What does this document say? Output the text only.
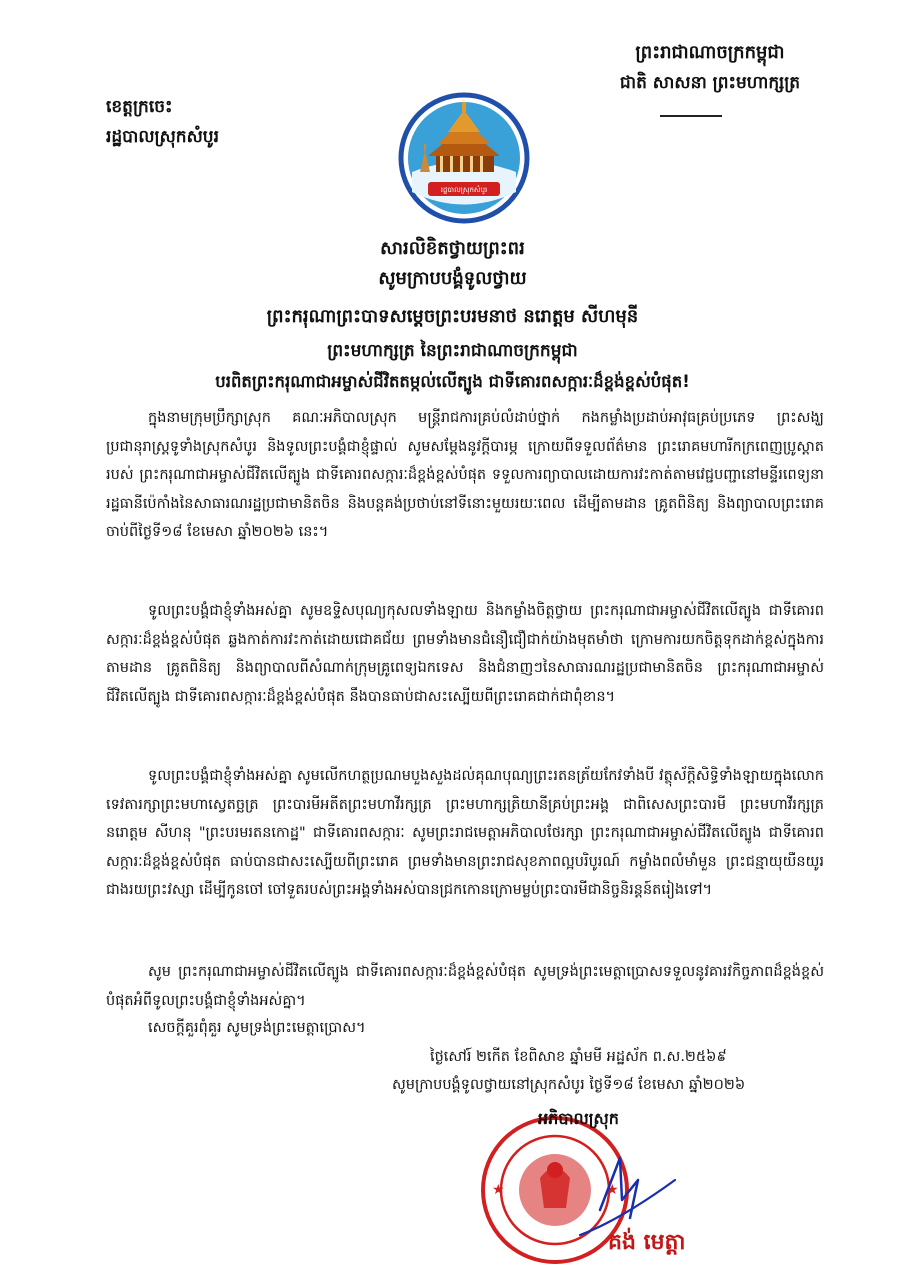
ព្រះរាជាណាចក្រកម្ពុជា
ជាតិ សាសនា ព្រះមហាក្សត្រ
ខេត្តក្រចេះ
រដ្ឋបាលស្រុកសំបូរ
រដ្ឋបាលស្រុកសំបូរ
សារលិខិតថ្វាយព្រះពរ
សូមក្រាបបង្គំទូលថ្វាយ
ព្រះករុណាព្រះបាទសម្តេចព្រះបរមនាថ នរោត្តម សីហមុនី
ព្រះមហាក្សត្រ នៃព្រះរាជាណាចក្រកម្ពុជា
បរពិតព្រះករុណាជាអម្ចាស់ជីវិតតម្កល់លើត្បូង ជាទីគោរពសក្ការៈដ៏ខ្ពង់ខ្ពស់បំផុត!
ក្នុងនាមក្រុមប្រឹក្សាស្រុក គណៈអភិបាលស្រុក មន្ត្រីរាជការគ្រប់លំដាប់ថ្នាក់ កងកម្លាំងប្រដាប់អាវុធគ្រប់ប្រភេទ ព្រះសង្ឃ ប្រជានុរាស្ត្រទូទាំងស្រុកសំបូរ និងទូលព្រះបង្គំជាខ្ញុំផ្ទាល់ សូមសម្តែងនូវក្តីបារម្ភ ក្រោយពីទទួលព័ត៌មាន ព្រះរោគមហារីកក្រពេញប្រូស្តាត របស់ ព្រះករុណាជាអម្ចាស់ជីវិតលើត្បូង ជាទីគោរពសក្ការៈដ៏ខ្ពង់ខ្ពស់បំផុត ទទួលការព្យាបាលដោយការវះកាត់តាមវេជ្ជបញ្ជានៅមន្ទីរពេទ្យនារដ្ឋធានីប៉េកាំងនៃសាធារណរដ្ឋប្រជាមានិតចិន និងបន្តគង់ប្រថាប់នៅទីនោះមួយរយៈពេល ដើម្បីតាមដាន គ្រូតពិនិត្យ និងព្យាបាលព្រះរោគ ចាប់ពីថ្ងៃទី១៨ ខែមេសា ឆ្នាំ២០២៦ នេះ។
ទូលព្រះបង្គំជាខ្ញុំទាំងអស់គ្នា សូមឧទ្ទិសបុណ្យកុសលទាំងឡាយ និងកម្លាំងចិត្តថ្វាយ ព្រះករុណាជាអម្ចាស់ជីវិតលើត្បូង ជាទីគោរពសក្ការៈដ៏ខ្ពង់ខ្ពស់បំផុត ឆ្លងកាត់ការវះកាត់ដោយជោគជ័យ ព្រមទាំងមានជំនឿជឿជាក់យ៉ាងមុតមាំថា ក្រោមការយកចិត្តទុកដាក់ខ្ពស់ក្នុងការតាមដាន គ្រូតពិនិត្យ និងព្យាបាលពីសំណាក់ក្រុមគ្រូពេទ្យឯកទេស និងជំនាញៗនៃសាធារណរដ្ឋប្រជាមានិតចិន ព្រះករុណាជាអម្ចាស់ជីវិតលើត្បូង ជាទីគោរពសក្ការៈដ៏ខ្ពង់ខ្ពស់បំផុត នឹងបានធាប់ជាសះស្បើយពីព្រះរោគជាក់ជាពុំខាន។
ទូលព្រះបង្គំជាខ្ញុំទាំងអស់គ្នា សូមលើកហត្ថប្រណមបួងសួងដល់គុណបុណ្យព្រះរតនត្រ័យកែវទាំងបី វត្ថុស័ក្តិសិទ្ធិទាំងឡាយក្នុងលោក ទេវតារក្សាព្រះមហាស្វេតច្ឆត្រ ព្រះបារមីអតីតព្រះមហាវីរក្សត្រ ព្រះមហាក្សត្រិយានីគ្រប់ព្រះអង្គ ជាពិសេសព្រះបារមី ព្រះមហាវីរក្សត្រ នរោត្តម សីហនុ "ព្រះបរមរតនកោដ្ឋ" ជាទីគោរពសក្ការៈ សូមព្រះរាជមេត្តាអភិបាលថែរក្សា ព្រះករុណាជាអម្ចាស់ជីវិតលើត្បូង ជាទីគោរពសក្ការៈដ៏ខ្ពង់ខ្ពស់បំផុត ធាប់បានជាសះស្បើយពីព្រះរោគ ព្រមទាំងមានព្រះរាជសុខភាពល្អបរិបូរណ៍ កម្លាំងពលំមាំមួន ព្រះជន្មាយុយឺនយូរជាងរយព្រះវស្សា ដើម្បីកូនចៅ ចៅទួតរបស់ព្រះអង្គទាំងអស់បានជ្រកកោនក្រោមម្លប់ព្រះបារមីជានិច្ចនិរន្តន៍តរៀងទៅ។
សូម ព្រះករុណាជាអម្ចាស់ជីវិតលើត្បូង ជាទីគោរពសក្ការៈដ៏ខ្ពង់ខ្ពស់បំផុត សូមទ្រង់ព្រះមេត្តាប្រោសទទួលនូវគារវកិច្ចភាពដ៏ខ្ពង់ខ្ពស់បំផុតអំពីទូលព្រះបង្គំជាខ្ញុំទាំងអស់គ្នា។
សេចក្តីគួរពុំគួរ សូមទ្រង់ព្រះមេត្តាប្រោស។
ថ្ងៃសៅរ៍ ២កើត ខែពិសាខ ឆ្នាំមមី អដ្ឋស័ក ព.ស.២៥៦៩
សូមក្រាបបង្គំទូលថ្វាយនៅស្រុកសំបូរ ថ្ងៃទី១៨ ខែមេសា ឆ្នាំ២០២៦
★	★
អភិបាលស្រុក
គង់ មេត្តា
